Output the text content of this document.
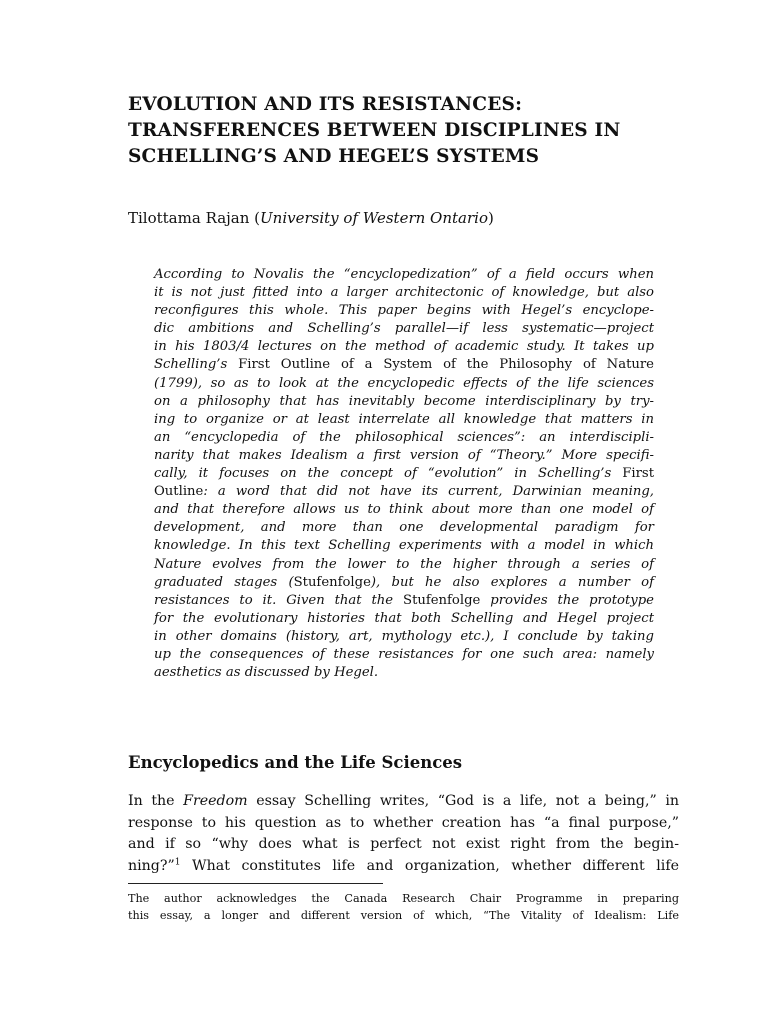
EVOLUTION AND ITS RESISTANCES:
TRANSFERENCES BETWEEN DISCIPLINES IN
SCHELLING’S AND HEGEL’S SYSTEMS

Tilottama Rajan (University of Western Ontario)

According to Novalis the “encyclopedization” of a field occurs when
it is not just fitted into a larger architectonic of knowledge, but also
reconfigures this whole. This paper begins with Hegel’s encyclope-
dic ambitions and Schelling’s parallel—if less systematic—project
in his 1803/4 lectures on the method of academic study. It takes up
Schelling’s First Outline of a System of the Philosophy of Nature
(1799), so as to look at the encyclopedic effects of the life sciences
on a philosophy that has inevitably become interdisciplinary by try-
ing to organize or at least interrelate all knowledge that matters in
an “encyclopedia of the philosophical sciences”: an interdiscipli-
narity that makes Idealism a first version of “Theory.” More specifi-
cally, it focuses on the concept of “evolution” in Schelling’s First
Outline: a word that did not have its current, Darwinian meaning,
and that therefore allows us to think about more than one model of
development, and more than one developmental paradigm for
knowledge. In this text Schelling experiments with a model in which
Nature evolves from the lower to the higher through a series of
graduated stages (Stufenfolge), but he also explores a number of
resistances to it. Given that the Stufenfolge provides the prototype
for the evolutionary histories that both Schelling and Hegel project
in other domains (history, art, mythology etc.), I conclude by taking
up the consequences of these resistances for one such area: namely
aesthetics as discussed by Hegel.
Encyclopedics and the Life Sciences
In the Freedom essay Schelling writes, “God is a life, not a being,” in
response to his question as to whether creation has “a final purpose,”
and if so “why does what is perfect not exist right from the begin-
ning?”$^1$ What constitutes life and organization, whether different life
The author acknowledges the Canada Research Chair Programme in preparing
this essay, a longer and different version of which, “The Vitality of Idealism: Life
